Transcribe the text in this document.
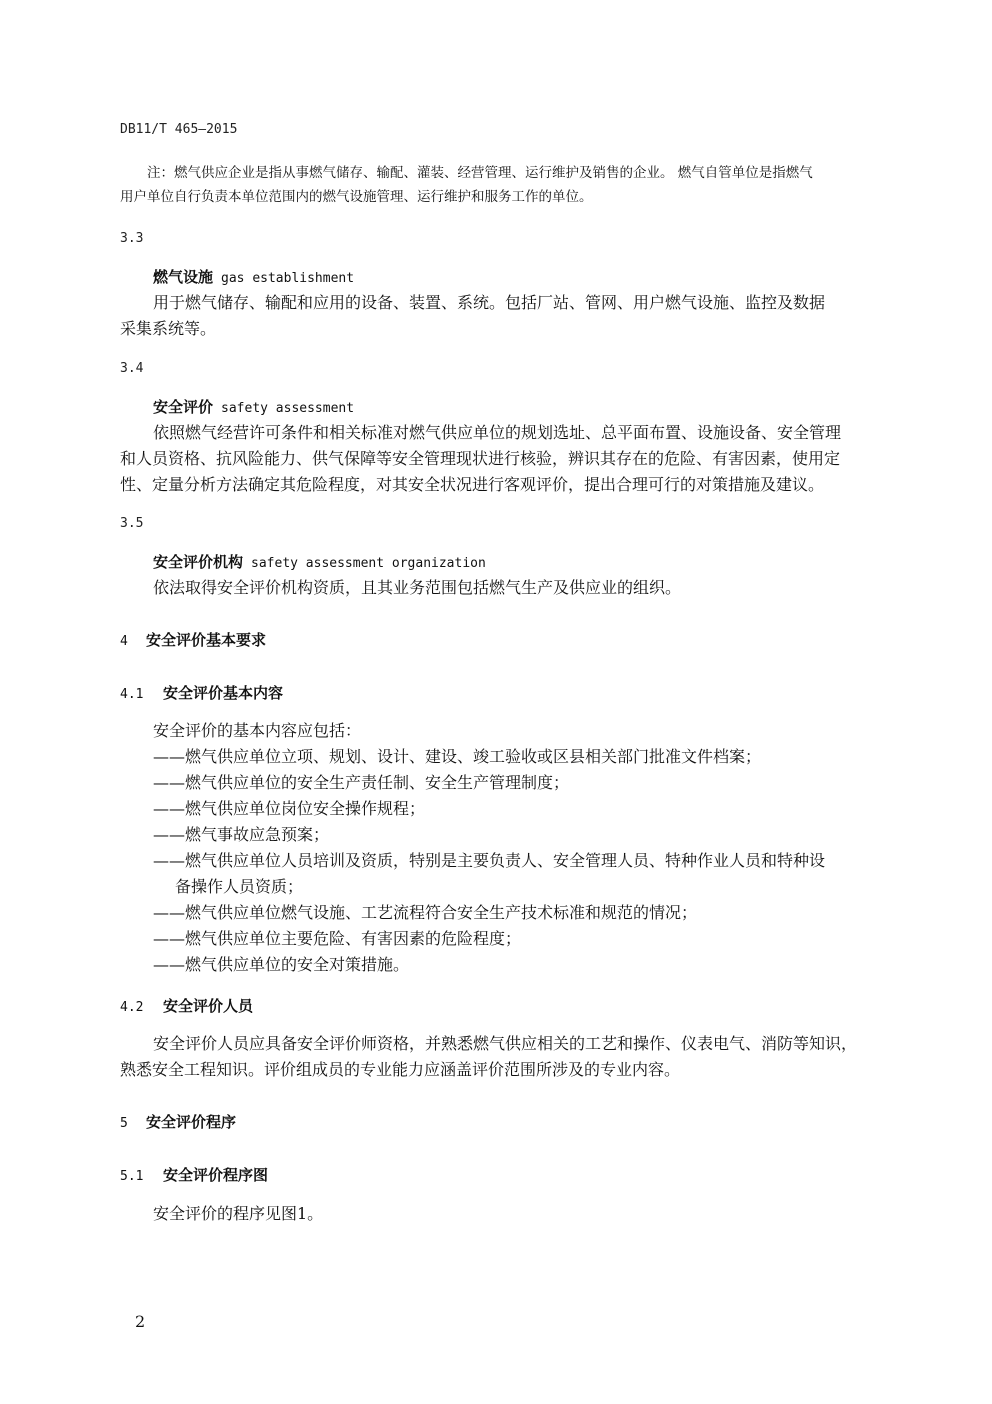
DB11/T 465—2015
注：燃气供应企业是指从事燃气储存、输配、灌装、经营管理、运行维护及销售的企业。 燃气自管单位是指燃气
用户单位自行负责本单位范围内的燃气设施管理、运行维护和服务工作的单位。
3.3
燃气设施 gas establishment
用于燃气储存、输配和应用的设备、装置、系统。包括厂站、管网、用户燃气设施、监控及数据
采集系统等。
3.4
安全评价 safety assessment
依照燃气经营许可条件和相关标准对燃气供应单位的规划选址、总平面布置、设施设备、安全管理
和人员资格、抗风险能力、供气保障等安全管理现状进行核验，辨识其存在的危险、有害因素，使用定
性、定量分析方法确定其危险程度，对其安全状况进行客观评价，提出合理可行的对策措施及建议。
3.5
安全评价机构 safety assessment organization
依法取得安全评价机构资质，且其业务范围包括燃气生产及供应业的组织。
4 安全评价基本要求
4.1 安全评价基本内容
安全评价的基本内容应包括：
——燃气供应单位立项、规划、设计、建设、竣工验收或区县相关部门批准文件档案；
——燃气供应单位的安全生产责任制、安全生产管理制度；
——燃气供应单位岗位安全操作规程；
——燃气事故应急预案；
——燃气供应单位人员培训及资质，特别是主要负责人、安全管理人员、特种作业人员和特种设
备操作人员资质；
——燃气供应单位燃气设施、工艺流程符合安全生产技术标准和规范的情况；
——燃气供应单位主要危险、有害因素的危险程度；
——燃气供应单位的安全对策措施。
4.2 安全评价人员
安全评价人员应具备安全评价师资格，并熟悉燃气供应相关的工艺和操作、仪表电气、消防等知识，
熟悉安全工程知识。评价组成员的专业能力应涵盖评价范围所涉及的专业内容。
5 安全评价程序
5.1 安全评价程序图
安全评价的程序见图1。
2
